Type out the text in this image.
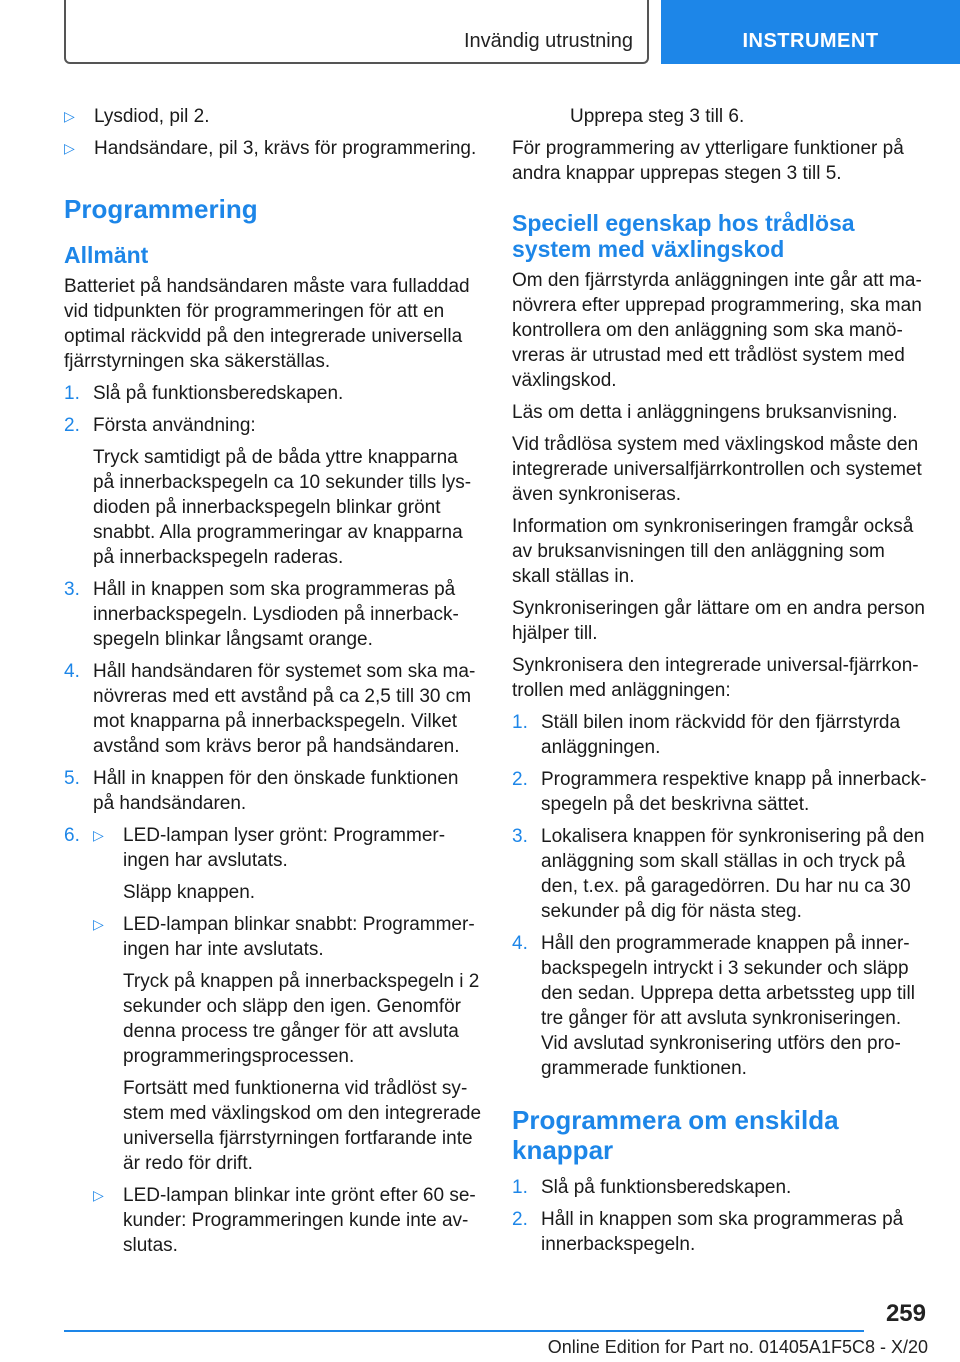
Invändig utrustning	INSTRUMENT
▷ Lysdiod, pil 2.
▷ Handsändare, pil 3, krävs för programmering.
Programmering
Allmänt

Batteriet på handsändaren måste vara fulladdad vid tidpunkten för programmeringen för att en optimal räckvidd på den integrerade universella fjärrstyrningen ska säkerställas.

1. Slå på funktionsberedskapen.

2. Första användning:

Tryck samtidigt på de båda yttre knapparna på innerbackspegeln ca 10 sekunder tills lysdioden på innerbackspegeln blinkar grönt snabbt. Alla programmeringar av knapparna på innerbackspegeln raderas.

3. Håll in knappen som ska programmeras på innerbackspegeln. Lysdioden på innerbackspegeln blinkar långsamt orange.

4. Håll handsändaren för systemet som ska manövreras med ett avstånd på ca 2,5 till 30 cm mot knapparna på innerbackspegeln. Vilket avstånd som krävs beror på handsändaren.

5. Håll in knappen för den önskade funktionen på handsändaren.

6. ▷ LED-lampan lyser grönt: Programmeringen har avslutats.

Släpp knappen.

▷ LED-lampan blinkar snabbt: Programmeringen har inte avslutats.

Tryck på knappen på innerbackspegeln i 2 sekunder och släpp den igen. Genomför denna process tre gånger för att avsluta programmeringsprocessen.

Fortsätt med funktionerna vid trådlöst system med växlingskod om den integrerade universella fjärrstyrningen fortfarande inte är redo för drift.

▷ LED-lampan blinkar inte grönt efter 60 sekunder: Programmeringen kunde inte avslutas.

Upprepa steg 3 till 6.

För programmering av ytterligare funktioner på andra knappar upprepas stegen 3 till 5.

Speciell egenskap hos trådlösa system med växlingskod

Om den fjärrstyrda anläggningen inte går att manövrera efter upprepad programmering, ska man kontrollera om den anläggning som ska manövreras är utrustad med ett trådlöst system med växlingskod.

Läs om detta i anläggningens bruksanvisning.

Vid trådlösa system med växlingskod måste den integrerade universalfjärrkontrollen och systemet även synkroniseras.

Information om synkroniseringen framgår också av bruksanvisningen till den anläggning som skall ställas in.

Synkroniseringen går lättare om en andra person hjälper till.

Synkronisera den integrerade universal-fjärrkontrollen med anläggningen:

1. Ställ bilen inom räckvidd för den fjärrstyrda anläggningen.

2. Programmera respektive knapp på innerbackspegeln på det beskrivna sättet.

3. Lokalisera knappen för synkronisering på den anläggning som skall ställas in och tryck på den, t.ex. på garagedörren. Du har nu ca 30 sekunder på dig för nästa steg.

4. Håll den programmerade knappen på innerbackspegeln intryckt i 3 sekunder och släpp den sedan. Upprepa detta arbetssteg upp till tre gånger för att avsluta synkroniseringen. Vid avslutad synkronisering utförs den programmerade funktionen.

Programmera om enskilda knappar
1. Slå på funktionsberedskapen.

2. Håll in knappen som ska programmeras på innerbackspegeln.

259
Online Edition for Part no. 01405A1F5C8 - X/20
